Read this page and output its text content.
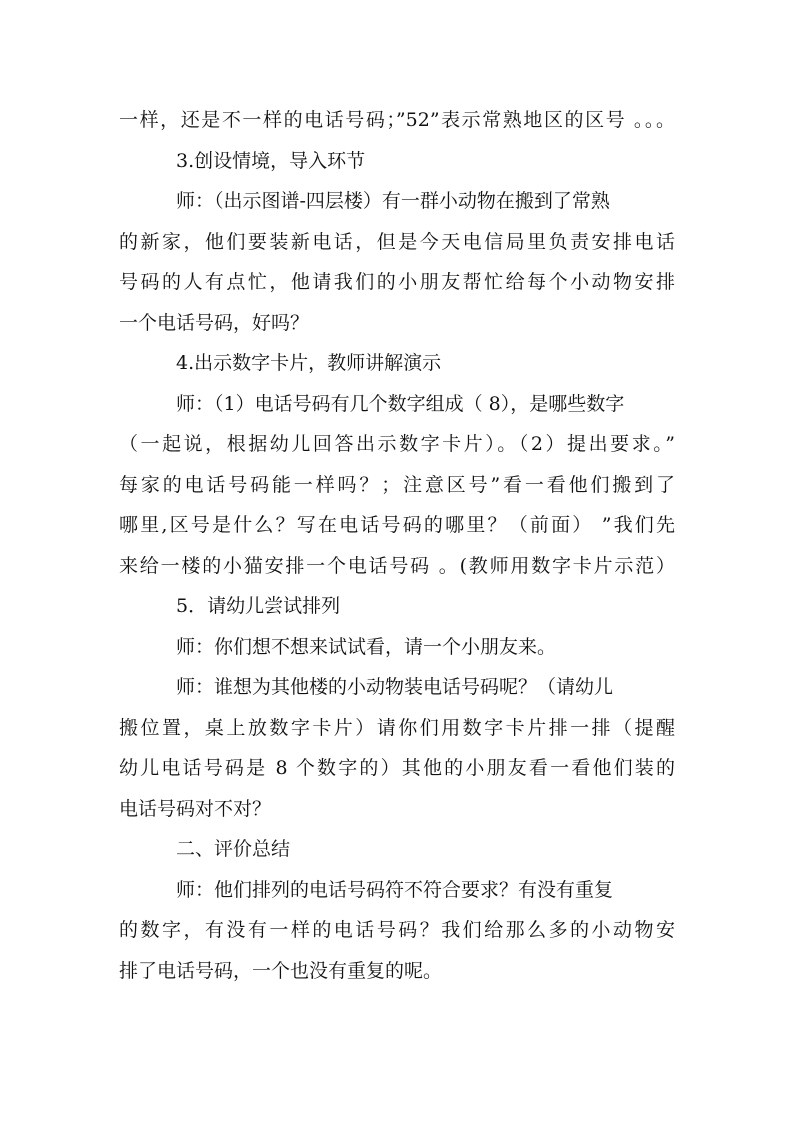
一样，还是不一样的电话号码；”52”表示常熟地区的区号 。。。
3.创设情境，导入环节
师：（出示图谱-四层楼）有一群小动物在搬到了常熟
的新家，他们要装新电话，但是今天电信局里负责安排电话
号码的人有点忙，他请我们的小朋友帮忙给每个小动物安排
一个电话号码，好吗？
4.出示数字卡片，教师讲解演示
师：（1）电话号码有几个数字组成（ 8），是哪些数字
（一起说，根据幼儿回答出示数字卡片）。（2）提出要求。”
每家的电话号码能一样吗？；注意区号”看一看他们搬到了
哪里,区号是什么？写在电话号码的哪里？（前面） ”我们先
来给一楼的小猫安排一个电话号码 。(教师用数字卡片示范）
5．请幼儿尝试排列
师：你们想不想来试试看，请一个小朋友来。
师：谁想为其他楼的小动物装电话号码呢？（请幼儿
搬位置，桌上放数字卡片）请你们用数字卡片排一排（提醒
幼儿电话号码是 8 个数字的）其他的小朋友看一看他们装的
电话号码对不对？
二、评价总结
师：他们排列的电话号码符不符合要求？有没有重复
的数字，有没有一样的电话号码？我们给那么多的小动物安
排了电话号码，一个也没有重复的呢。
